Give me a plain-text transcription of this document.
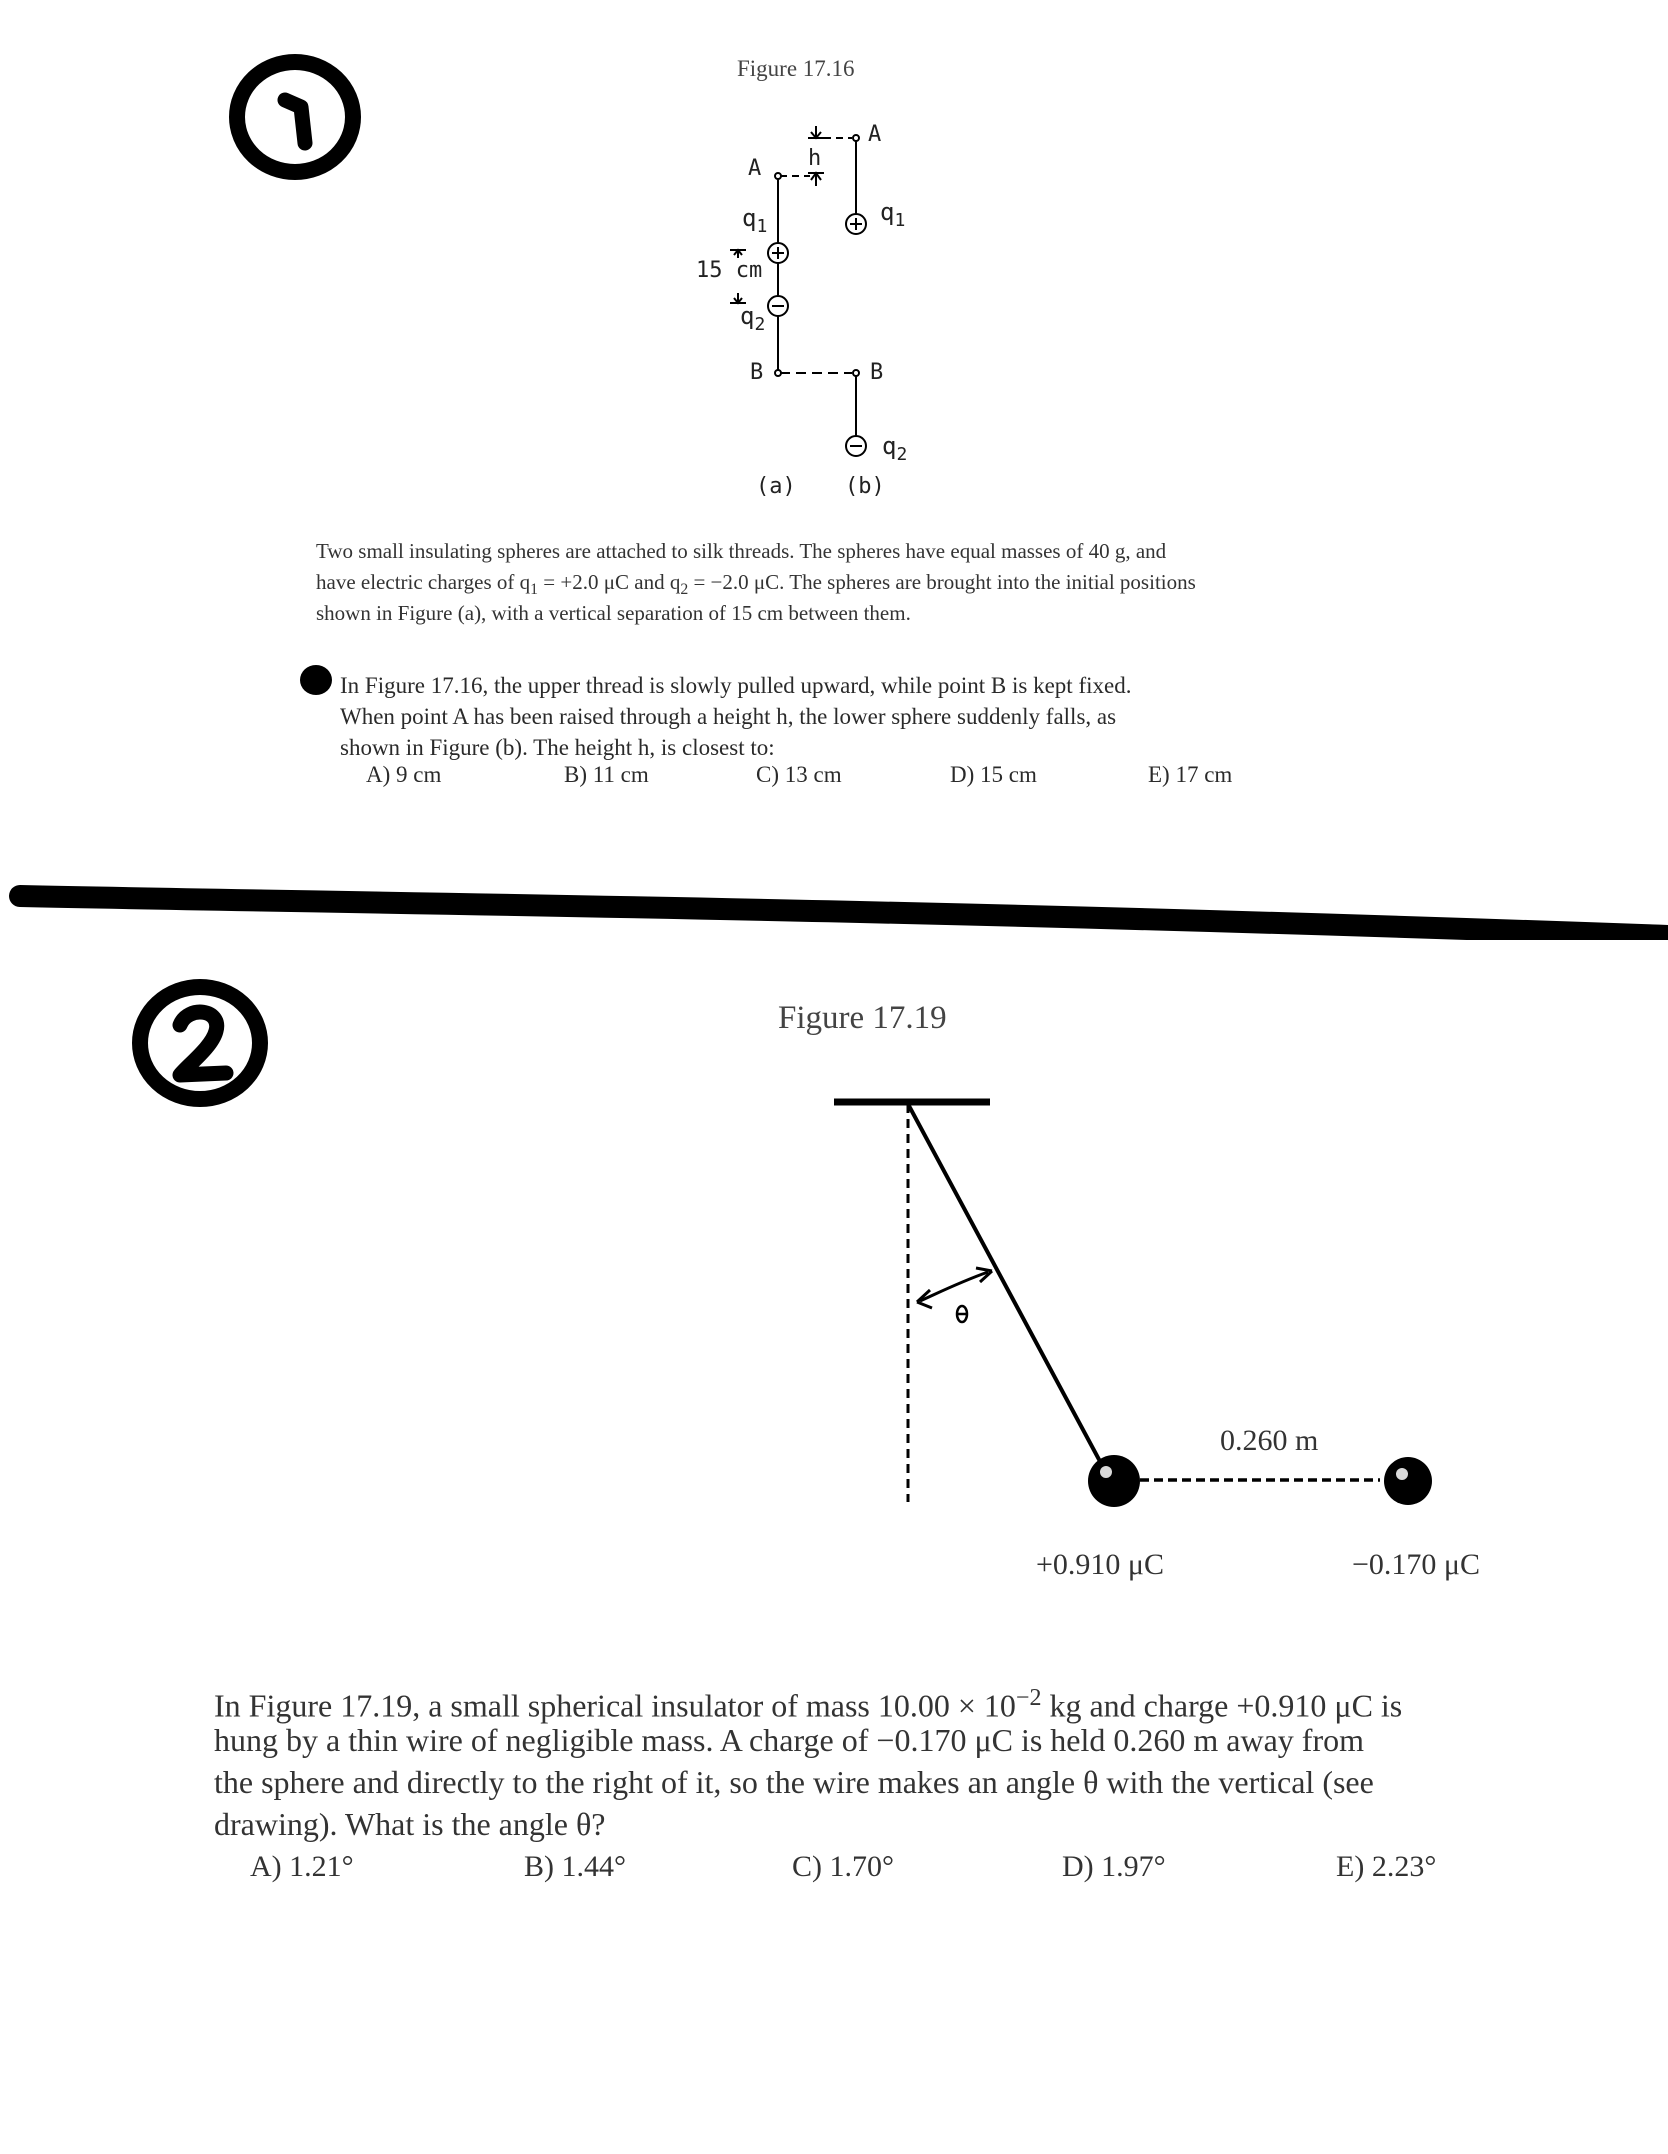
Figure 17.16
A
A
h
$q_1$
$q_1$
15 cm
$q_2$
B	B
$q_2$
(a) (b)
Two small insulating spheres are attached to silk threads. The spheres have equal masses of 40 g, and
have electric charges of $q_1 = +2.0$ μC and $q_2 = -2.0$ μC. The spheres are brought into the initial positions
shown in Figure (a), with a vertical separation of 15 cm between them.
In Figure 17.16, the upper thread is slowly pulled upward, while point B is kept fixed.
When point A has been raised through a height h, the lower sphere suddenly falls, as
shown in Figure (b). The height h, is closest to:
A) 9 cm	B) 11 cm	C) 13 cm	D) 15 cm	E) 17 cm
Figure 17.19
0.260 m
+0.910 μC	−0.170 μC
In Figure 17.19, a small spherical insulator of mass $10.00 \times 10^{-2}$ kg and charge +0.910 μC is
hung by a thin wire of negligible mass. A charge of −0.170 μC is held 0.260 m away from
the sphere and directly to the right of it, so the wire makes an angle θ with the vertical (see
drawing). What is the angle θ?
A) 1.21°	B) 1.44°	C) 1.70°	D) 1.97°	E) 2.23°
